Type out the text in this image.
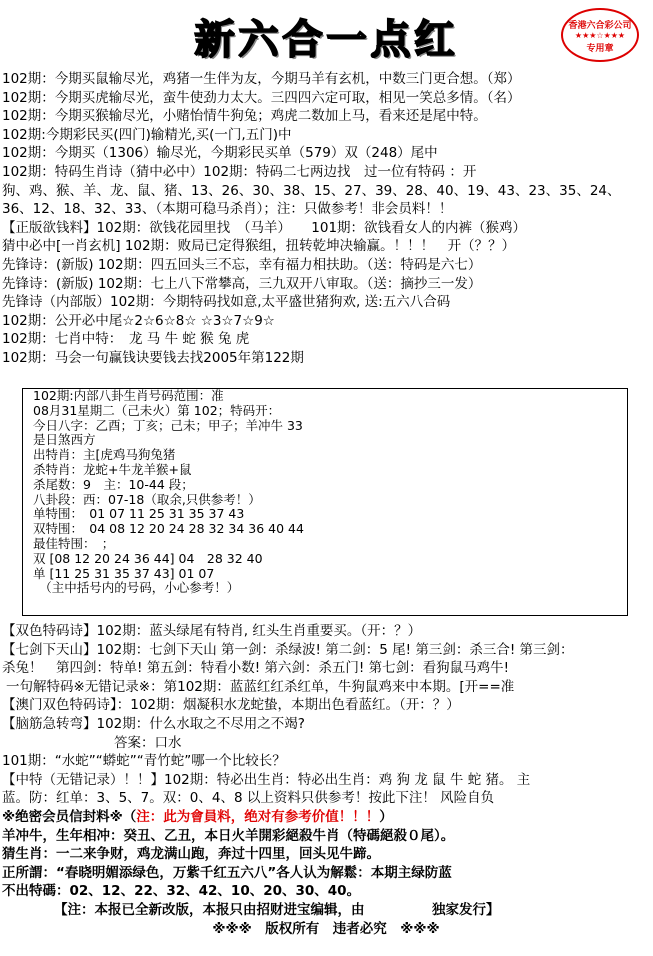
新六合一点红	香港六合彩公司
★★★☆★★★
专用章
102期：今期买鼠输尽光，鸡猪一生伴为友，今期马羊有玄机，中数三门更合想。（郑）
102期：今期买虎输尽光，蛮牛使劲力太大。三四四六定可取，相见一笑总多情。（名）
102期：今期买猴输尽光，小赌怡情牛狗兔；鸡虎二数加上马，看来还是尾中特。
102期:今期彩民买(四门)输精光,买(一门,五门)中
102期：今期买（1306）输尽光，今期彩民买单（579）双（248）尾中
102期：特码生肖诗（猜中必中）102期：特码二七两边找　过一位有特码 ：开
狗、鸡、猴、羊、龙、鼠、猪、13、26、30、38、15、27、39、28、40、19、43、23、35、24、
36、12、18、32、33、（本期可稳马杀肖）；注：只做参考！非会员料！！
【正版欲钱料】102期：欲钱花园里找　（马羊）　　101期：欲钱看女人的内裤（猴鸡）
猜中必中[一肖玄机] 102期：败局已定得猴组，扭转乾坤决输赢。！！！　开（？？）
先锋诗：(新版) 102期：四五回头三不忘，幸有福力相扶助。（送：特码是六七）
先锋诗：(新版) 102期：七上八下常攀高，三九双开八审取。（送：摘抄三一发）
先锋诗（内部版）102期：今期特码找如意,太平盛世猪狗欢, 送:五六八合码
102期：公开必中尾☆2☆6☆8☆ ☆3☆7☆9☆
102期：七肖中特：　龙 马 牛 蛇 猴 兔 虎
102期：马会一句赢钱诀要钱去找2005年第122期
102期:内部八卦生肖号码范围：准
08月31星期二（己未火）第 102；特码开：
今日八字：乙酉；丁亥；己未；甲子；羊冲牛 33
是日煞西方
出特肖：主[虎鸡马狗兔猪
杀特肖：龙蛇+牛龙羊猴+鼠
杀尾数：9　主：10-44 段；
八卦段：西：07-18（取余,只供参考！）
单特围：　01 07 11 25 31 35 37 43
双特围：　04 08 12 20 24 28 32 34 36 40 44
最佳特围：　；
双 [08 12 20 24 36 44] 04　28 32 40
单 [11 25 31 35 37 43] 01 07
　（主中括号内的号码，小心参考！）
【双色特码诗】102期：蓝头绿尾有特肖, 红头生肖重要买。（开：？）
【七剑下天山】102期：七剑下天山 第一剑：杀绿波! 第二剑：5 尾! 第三剑：杀三合! 第三剑：
杀兔！　第四剑：特单! 第五剑：特看小数! 第六剑：杀五门! 第七剑：看狗鼠马鸡牛!
一句解特码※无错记录※：第102期：蓝蓝红红杀红单，牛狗鼠鸡来中本期。[开==准
【澳门双色特码诗】：102期：烟凝积水龙蛇蛰，本期出色看蓝红。（开：？）
【脑筋急转弯】102期：什么水取之不尽用之不竭?
答案：口水
101期：“水蛇”“蟒蛇”“青竹蛇”哪一个比较长？
【中特（无错记录）！！】102期：特必出生肖：特必出生肖：鸡 狗 龙 鼠 牛 蛇 猪。 主
蓝。防：红单：3、5、7。双：0、4、8 以上资料只供参考！按此下注！ 风险自负
※绝密会员信封料※（注：此为會員料，绝对有参考价值！！！）
羊冲牛，生年相冲：癸丑、乙丑，本日火羊開彩絕殺牛肖（特碼絕殺０尾）。
猜生肖：一二来争财，鸡龙满山跑，奔过十四里，回头见牛蹄。
正所謂：“春晓明媚添绿色，万紫千红五六八”各人认为解鬆：本期主绿防蓝
不出特碼：02、12、22、32、42、10、20、30、40。
【注：本报已全新改版，本报只由招财进宝编辑，由　　　　　独家发行】
※※※　版权所有　违者必究　※※※
